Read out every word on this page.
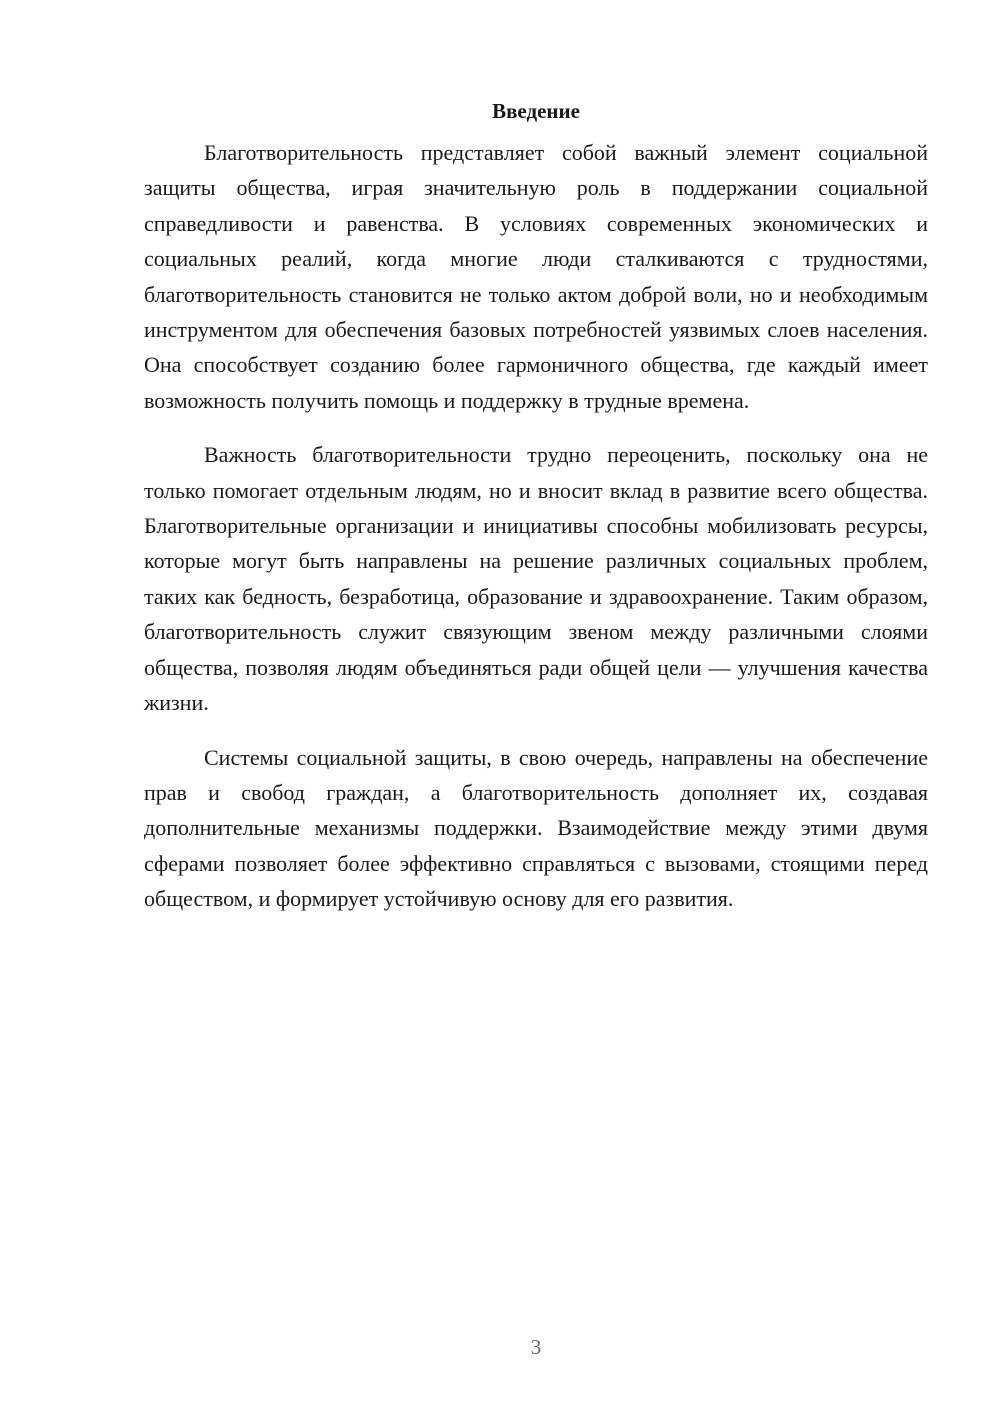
Введение

Благотворительность представляет собой важный элемент социальной защиты общества, играя значительную роль в поддержании социальной справедливости и равенства. В условиях современных экономических и социальных реалий, когда многие люди сталкиваются с трудностями, благотворительность становится не только актом доброй воли, но и необходимым инструментом для обеспечения базовых потребностей уязвимых слоев населения. Она способствует созданию более гармоничного общества, где каждый имеет возможность получить помощь и поддержку в трудные времена.

Важность благотворительности трудно переоценить, поскольку она не только помогает отдельным людям, но и вносит вклад в развитие всего общества. Благотворительные организации и инициативы способны мобилизовать ресурсы, которые могут быть направлены на решение различных социальных проблем, таких как бедность, безработица, образование и здравоохранение. Таким образом, благотворительность служит связующим звеном между различными слоями общества, позволяя людям объединяться ради общей цели — улучшения качества жизни.

Системы социальной защиты, в свою очередь, направлены на обеспечение прав и свобод граждан, а благотворительность дополняет их, создавая дополнительные механизмы поддержки. Взаимодействие между этими двумя сферами позволяет более эффективно справляться с вызовами, стоящими перед обществом, и формирует устойчивую основу для его развития.

3
